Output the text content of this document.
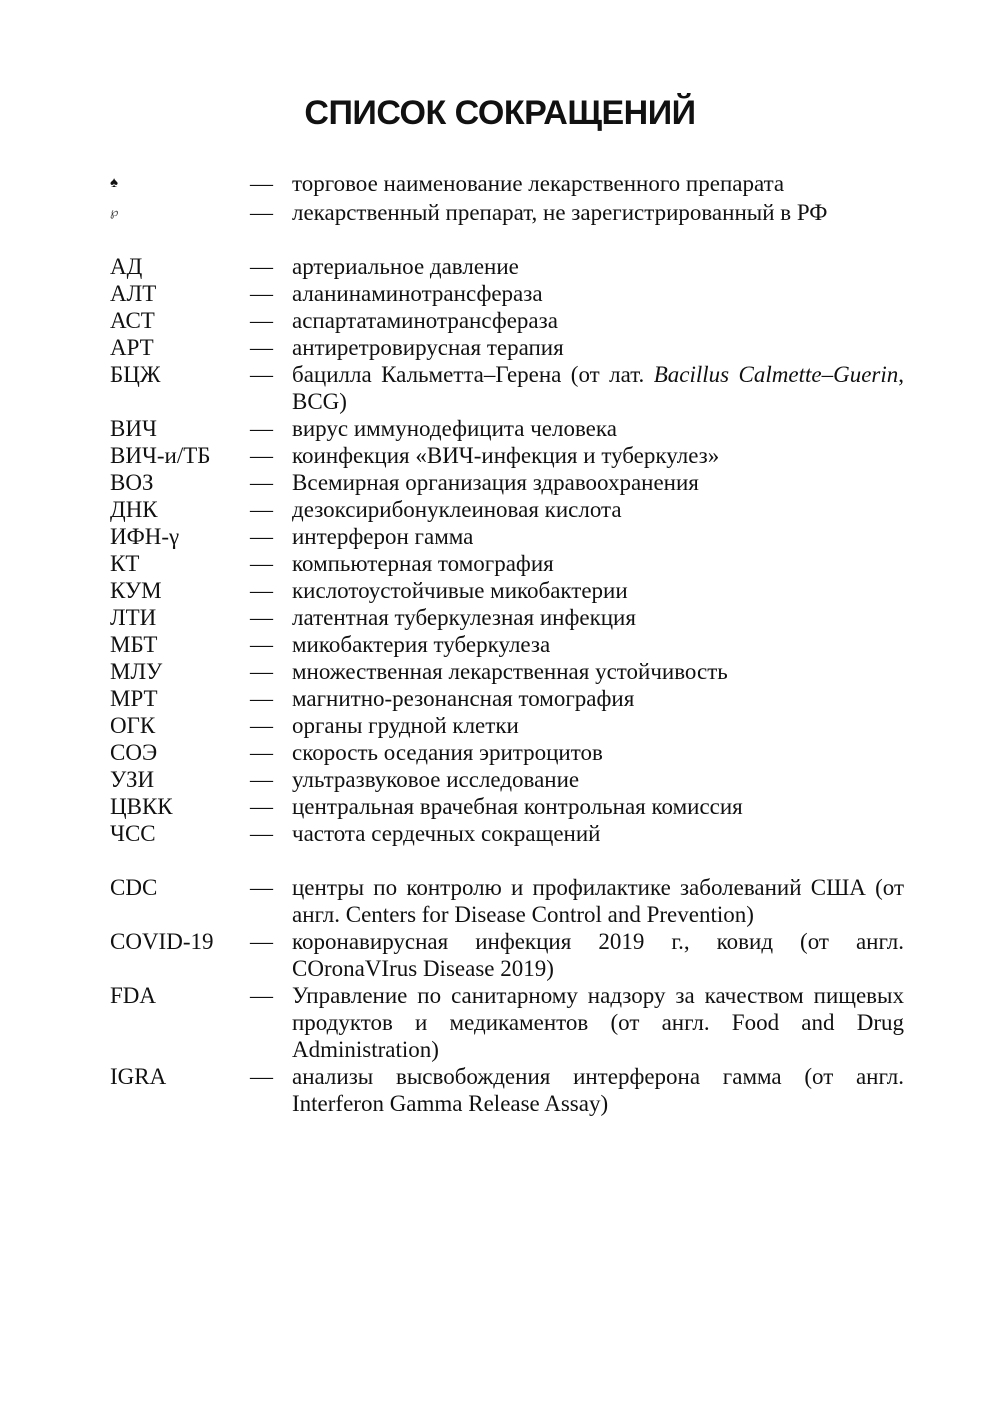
СПИСОК СОКРАЩЕНИЙ
♠	— торговое наименование лекарственного препарата
℘	— лекарственный препарат, не зарегистрированный в РФ
АД	— артериальное давление
АЛТ	— аланинаминотрансфераза
АСТ	— аспартатаминотрансфераза
АРТ	— антиретровирусная терапия
БЦЖ	— бацилла Кальметта–Герена (от лат. Bacillus Calmette–Guerin, BCG)
ВИЧ	— вирус иммунодефицита человека
ВИЧ-и/ТБ	— коинфекция «ВИЧ-инфекция и туберкулез»
ВОЗ	— Всемирная организация здравоохранения
ДНК	— дезоксирибонуклеиновая кислота
ИФН-γ	— интерферон гамма
КТ	— компьютерная томография
КУМ	— кислотоустойчивые микобактерии
ЛТИ	— латентная туберкулезная инфекция
МБТ	— микобактерия туберкулеза
МЛУ	— множественная лекарственная устойчивость
МРТ	— магнитно-резонансная томография
ОГК	— органы грудной клетки
СОЭ	— скорость оседания эритроцитов
УЗИ	— ультразвуковое исследование
ЦВКК	— центральная врачебная контрольная комиссия
ЧСС	— частота сердечных сокращений
CDC	— центры по контролю и профилактике заболеваний США (от англ. Centers for Disease Control and Prevention)
COVID-19	— коронавирусная инфекция 2019 г., ковид (от англ. COronaVIrus Disease 2019)
FDA	— Управление по санитарному надзору за качеством пищевых продуктов и медикаментов (от англ. Food and Drug Administration)
IGRA	— анализы высвобождения интерферона гамма (от англ. Interferon Gamma Release Assay)
